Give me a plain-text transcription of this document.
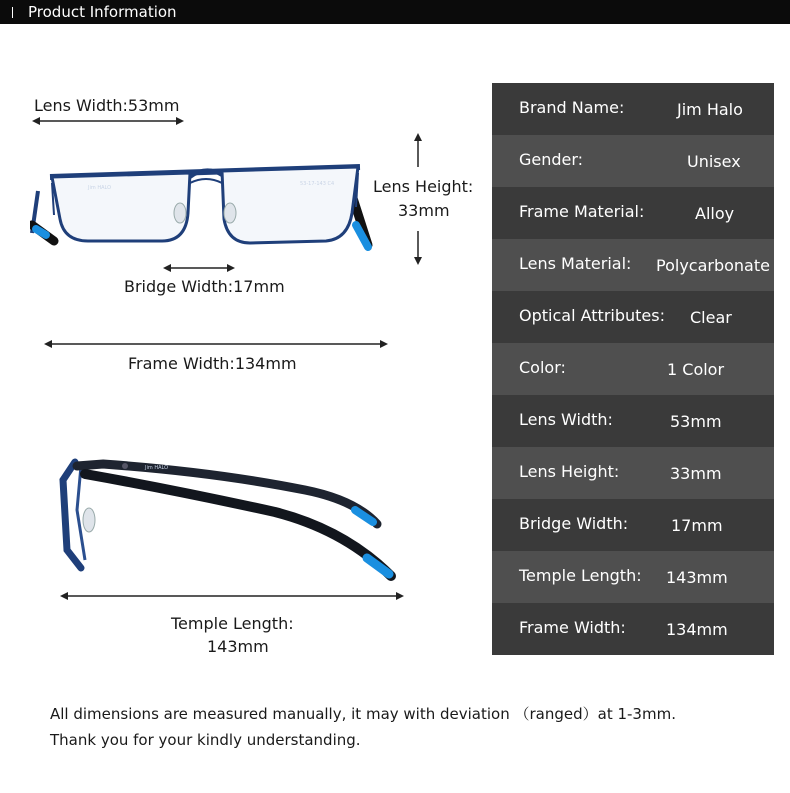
Product Information
Lens Width:53mm
Jim HALO
53-17-143 C4 Lens Height:
33mm
Bridge Width:17mm
Frame Width:134mm
Jim HALO
Temple Length:
143mm
Brand Name:	Jim Halo
Gender:	Unisex
Frame Material:	Alloy
Lens Material: Polycarbonate
Optical Attributes: Clear
Color:	1 Color
Lens Width:	53mm
Lens Height:	33mm
Bridge Width:	17mm
Temple Length: 143mm
Frame Width:	134mm
All dimensions are measured manually, it may with deviation （ranged）at 1-3mm.
Thank you for your kindly understanding.
